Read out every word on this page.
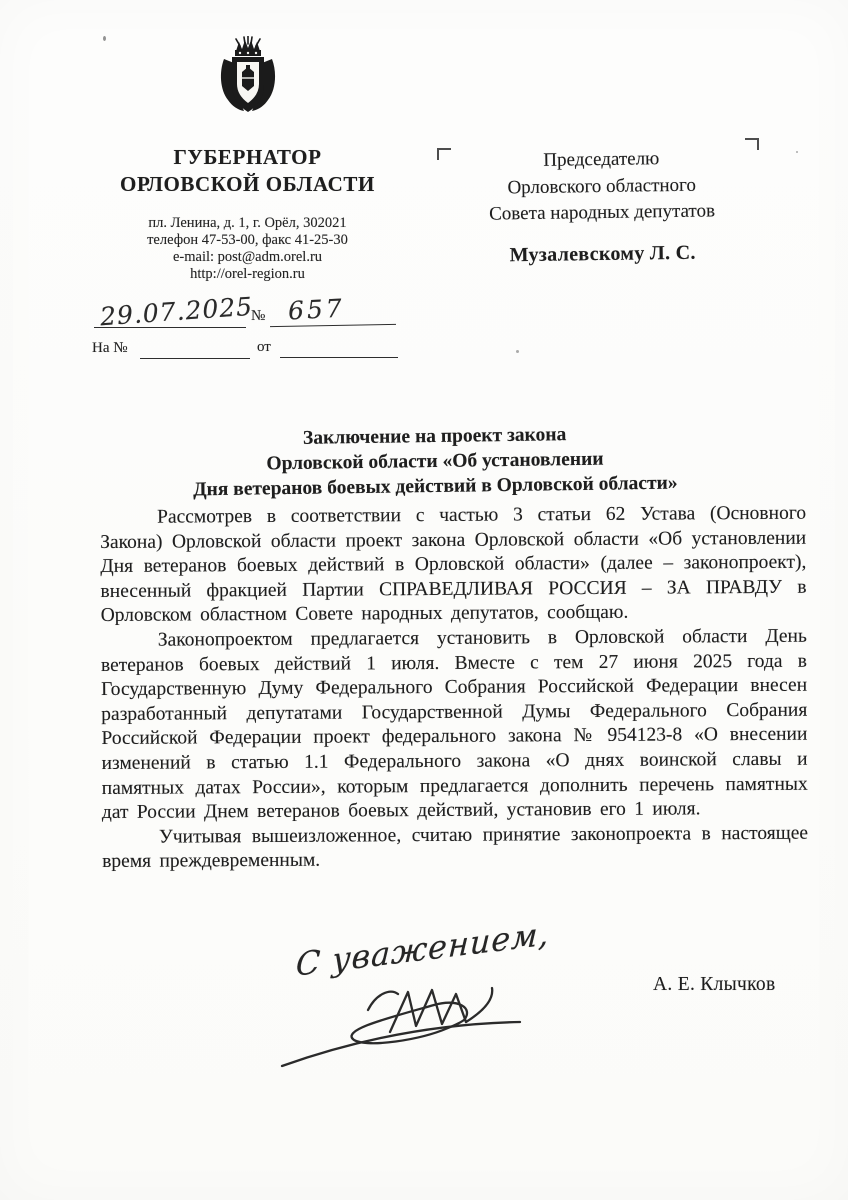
ГУБЕРНАТОР
ОРЛОВСКОЙ ОБЛАСТИ
пл. Ленина, д. 1, г. Орёл, 302021
телефон 47-53-00, факс 41-25-30
e-mail: post@adm.orel.ru
http://orel-region.ru
29.07.2025
№ 657
На №	от
Председателю
Орловского областного
Совета народных депутатов
Музалевскому Л. С.
Заключение на проект закона
Орловской области «Об установлении
Дня ветеранов боевых действий в Орловской области»

Рассмотрев в соответствии с частью 3 статьи 62 Устава (Основного Закона) Орловской области проект закона Орловской области «Об установлении Дня ветеранов боевых действий в Орловской области» (далее – законопроект), внесенный фракцией Партии СПРАВЕДЛИВАЯ РОССИЯ – ЗА ПРАВДУ в Орловском областном Совете народных депутатов, сообщаю.

Законопроектом предлагается установить в Орловской области День ветеранов боевых действий 1 июля. Вместе с тем 27 июня 2025 года в Государственную Думу Федерального Собрания Российской Федерации внесен разработанный депутатами Государственной Думы Федерального Собрания Российской Федерации проект федерального закона № 954123-8 «О внесении изменений в статью 1.1 Федерального закона «О днях воинской славы и памятных датах России», которым предлагается дополнить перечень памятных дат России Днем ветеранов боевых действий, установив его 1 июля.

Учитывая вышеизложенное, считаю принятие законопроекта в настоящее время преждевременным.

С уважением,
А. Е. Клычков
